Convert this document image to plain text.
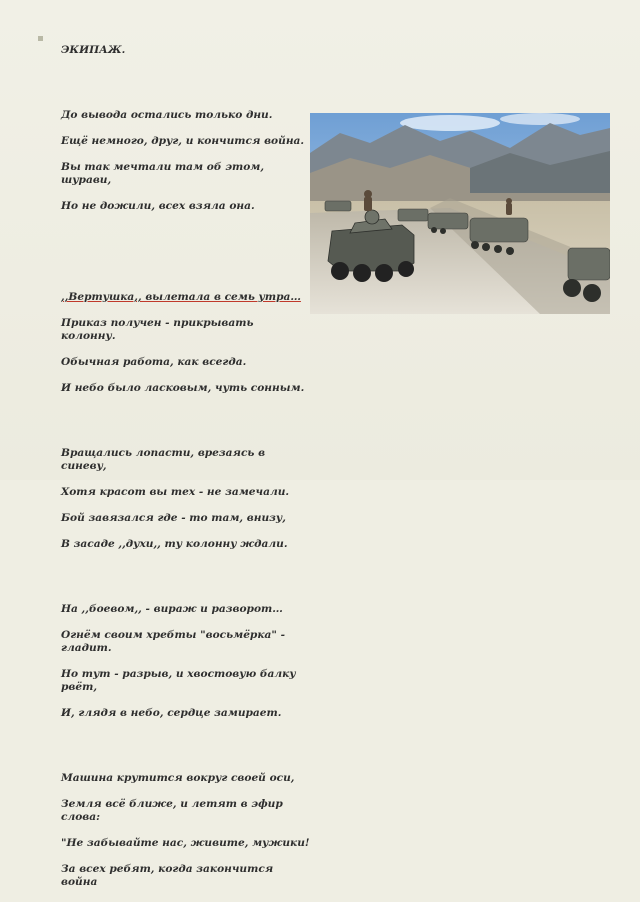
ЭКИПАЖ.

До вывода остались только дни.

Ещё немного, друг, и кончится война.

Вы так мечтали там об этом, шурави,

Но не дожили, всех взяла она.

,,Вертушка,, вылетала в семь утра…

Приказ получен - прикрывать колонну.

Обычная работа, как всегда.

И небо было ласковым, чуть сонным.

Вращались лопасти, врезаясь в синеву,

Хотя красот вы тех - не замечали.

Бой завязался где - то там, внизу,

В засаде ,,духи,, ту колонну ждали.

На ,,боевом,, - вираж и разворот…

Огнём своим хребты "восьмёрка" - гладит.

Но тут - разрыв, и хвостовую балку рвёт,

И, глядя в небо, сердце замирает.

Машина крутится вокруг своей оси,

Земля всё ближе, и летят в эфир слова:

"Не забывайте нас, живите, мужики!

За всех ребят, когда закончится война
